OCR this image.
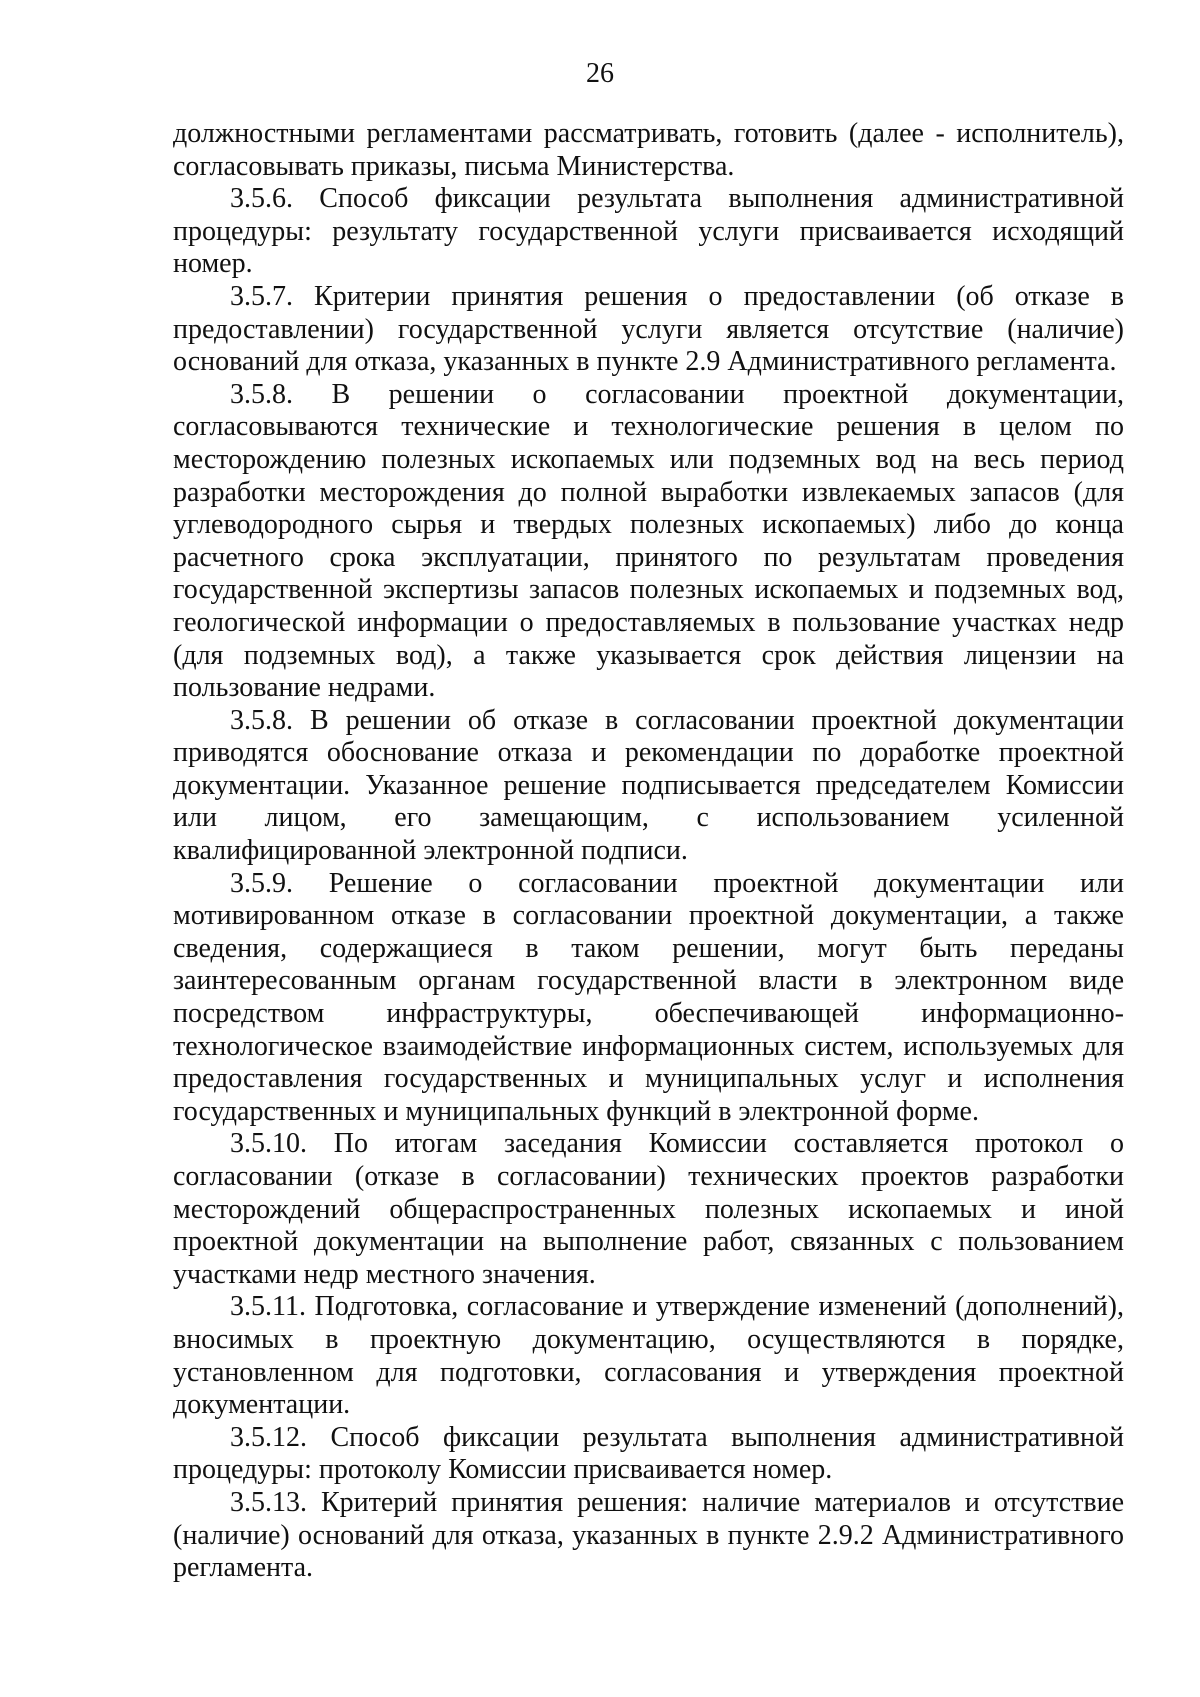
26

должностными регламентами рассматривать, готовить (далее - исполнитель), согласовывать приказы, письма Министерства.

3.5.6. Способ фиксации результата выполнения административной процедуры: результату государственной услуги присваивается исходящий номер.

3.5.7. Критерии принятия решения о предоставлении (об отказе в предоставлении) государственной услуги является отсутствие (наличие) оснований для отказа, указанных в пункте 2.9 Административного регламента.

3.5.8. В решении о согласовании проектной документации, согласовываются технические и технологические решения в целом по месторождению полезных ископаемых или подземных вод на весь период разработки месторождения до полной выработки извлекаемых запасов (для углеводородного сырья и твердых полезных ископаемых) либо до конца расчетного срока эксплуатации, принятого по результатам проведения государственной экспертизы запасов полезных ископаемых и подземных вод, геологической информации о предоставляемых в пользование участках недр (для подземных вод), а также указывается срок действия лицензии на пользование недрами.

3.5.8. В решении об отказе в согласовании проектной документации приводятся обоснование отказа и рекомендации по доработке проектной документации. Указанное решение подписывается председателем Комиссии или лицом, его замещающим, с использованием усиленной квалифицированной электронной подписи.

3.5.9. Решение о согласовании проектной документации или мотивированном отказе в согласовании проектной документации, а также сведения, содержащиеся в таком решении, могут быть переданы заинтересованным органам государственной власти в электронном виде посредством инфраструктуры, обеспечивающей информационно-технологическое взаимодействие информационных систем, используемых для предоставления государственных и муниципальных услуг и исполнения государственных и муниципальных функций в электронной форме.

3.5.10. По итогам заседания Комиссии составляется протокол о согласовании (отказе в согласовании) технических проектов разработки месторождений общераспространенных полезных ископаемых и иной проектной документации на выполнение работ, связанных с пользованием участками недр местного значения.

3.5.11. Подготовка, согласование и утверждение изменений (дополнений), вносимых в проектную документацию, осуществляются в порядке, установленном для подготовки, согласования и утверждения проектной документации.

3.5.12. Способ фиксации результата выполнения административной процедуры: протоколу Комиссии присваивается номер.

3.5.13. Критерий принятия решения: наличие материалов и отсутствие (наличие) оснований для отказа, указанных в пункте 2.9.2 Административного регламента.
